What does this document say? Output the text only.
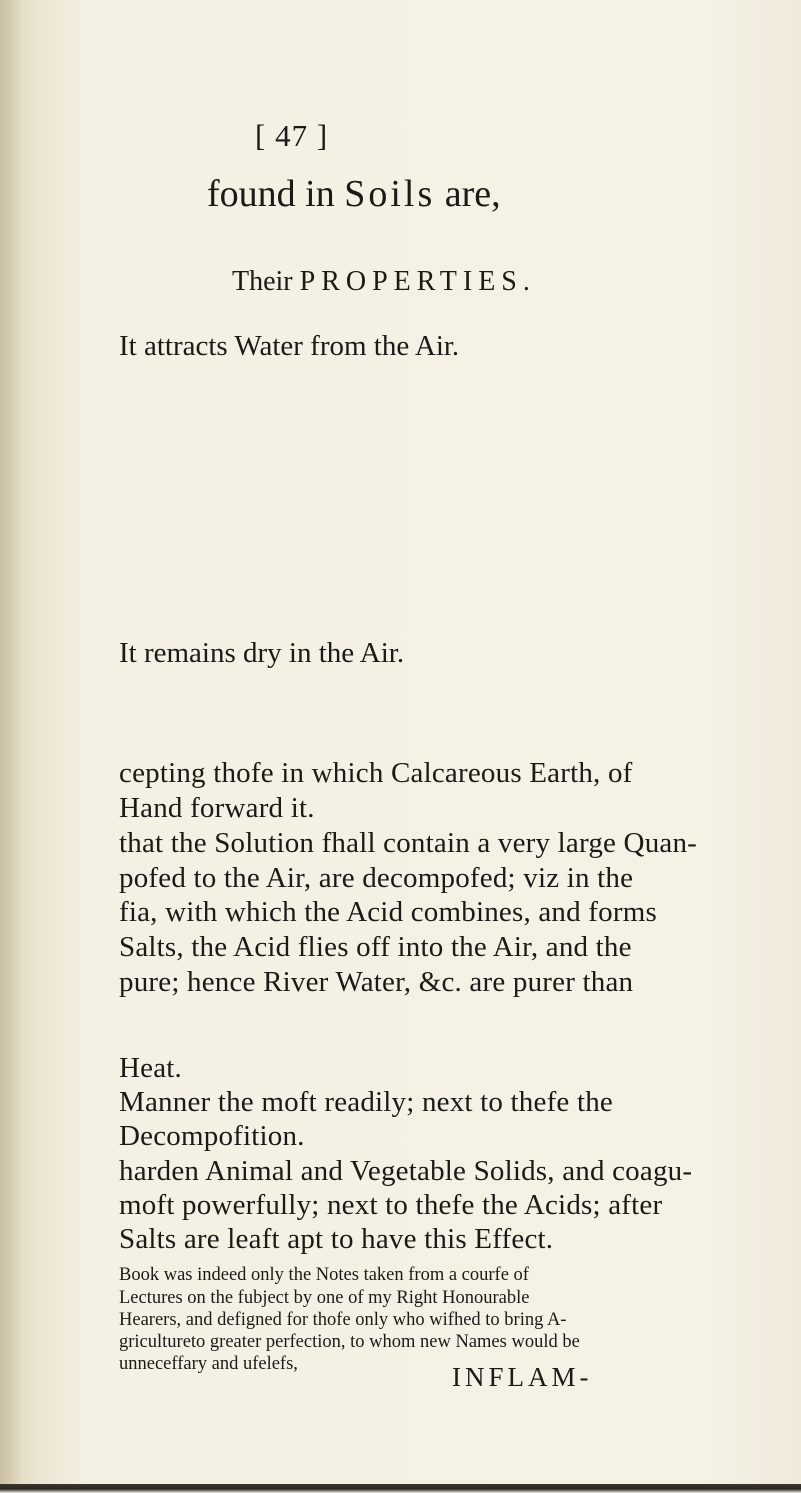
[ 47 ]
found in Soils are,
Their PROPERTIES.
It attracts Water from the Air.
It remains dry in the Air.
cepting thofe in which Calcareous Earth, of
Hand forward it.
that the Solution fhall contain a very large Quan-
pofed to the Air, are decompofed; viz in the
fia, with which the Acid combines, and forms
Salts, the Acid flies off into the Air, and the
pure; hence River Water, &c. are purer than
Heat.
Manner the moft readily; next to thefe the
Decompofition.
harden Animal and Vegetable Solids, and coagu-
moft powerfully; next to thefe the Acids; after
Salts are leaft apt to have this Effect.
Book was indeed only the Notes taken from a courfe of
Lectures on the fubject by one of my Right Honourable
Hearers, and defigned for thofe only who wifhed to bring A-
gricultureto greater perfection, to whom new Names would be
unneceffary and ufelefs,	INFLAM-
